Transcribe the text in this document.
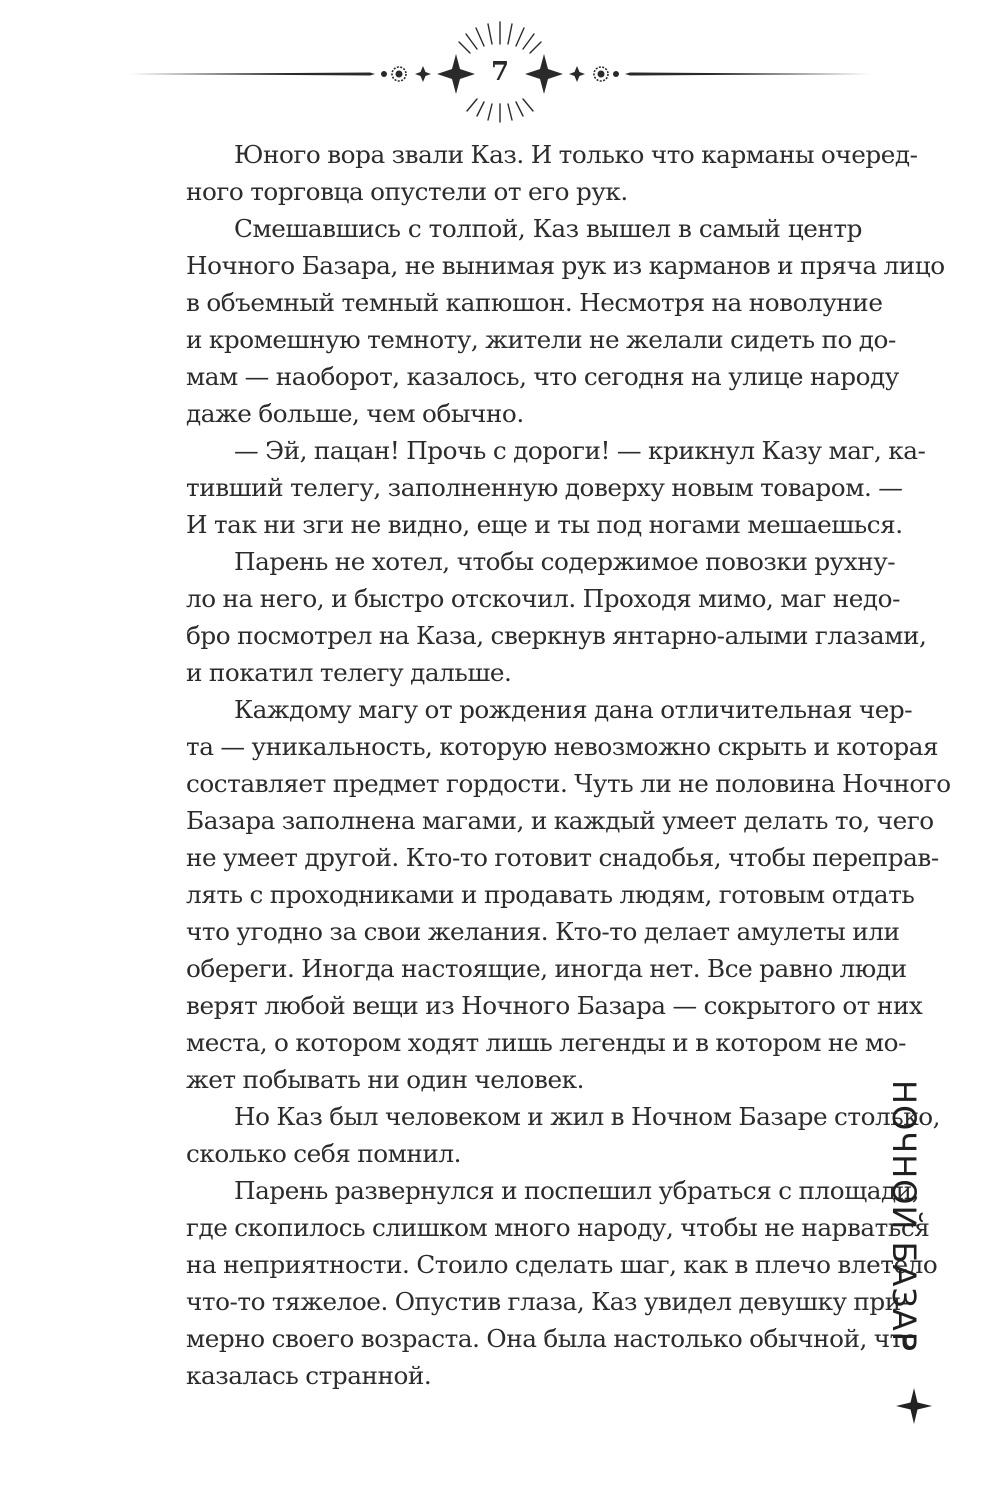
7
Юного вора звали Каз. И только что карманы очеред-
ного торговца опустели от его рук.
Смешавшись с толпой, Каз вышел в самый центр
Ночного Базара, не вынимая рук из карманов и пряча лицо
в объемный темный капюшон. Несмотря на новолуние
и кромешную темноту, жители не желали сидеть по до-
мам — наоборот, казалось, что сегодня на улице народу
даже больше, чем обычно.
— Эй, пацан! Прочь с дороги! — крикнул Казу маг, ка-
тивший телегу, заполненную доверху новым товаром. —
И так ни зги не видно, еще и ты под ногами мешаешься.
Парень не хотел, чтобы содержимое повозки рухну-
ло на него, и быстро отскочил. Проходя мимо, маг недо-
бро посмотрел на Каза, сверкнув янтарно-алыми глазами,
и покатил телегу дальше.
Каждому магу от рождения дана отличительная чер-
та — уникальность, которую невозможно скрыть и которая
составляет предмет гордости. Чуть ли не половина Ночного
Базара заполнена магами, и каждый умеет делать то, чего
не умеет другой. Кто-то готовит снадобья, чтобы переправ-
лять с проходниками и продавать людям, готовым отдать
что угодно за свои желания. Кто-то делает амулеты или
обереги. Иногда настоящие, иногда нет. Все равно люди
верят любой вещи из Ночного Базара — сокрытого от них
места, о котором ходят лишь легенды и в котором не мо-
жет побывать ни один человек.
Но Каз был человеком и жил в Ночном Базаре столько,
сколько себя помнил.
Парень развернулся и поспешил убраться с площади,
где скопилось слишком много народу, чтобы не нарваться
на неприятности. Стоило сделать шаг, как в плечо влетело
что-то тяжелое. Опустив глаза, Каз увидел девушку при-
мерно своего возраста. Она была настолько обычной, что
казалась странной.
НОЧНОЙ БАЗАР
